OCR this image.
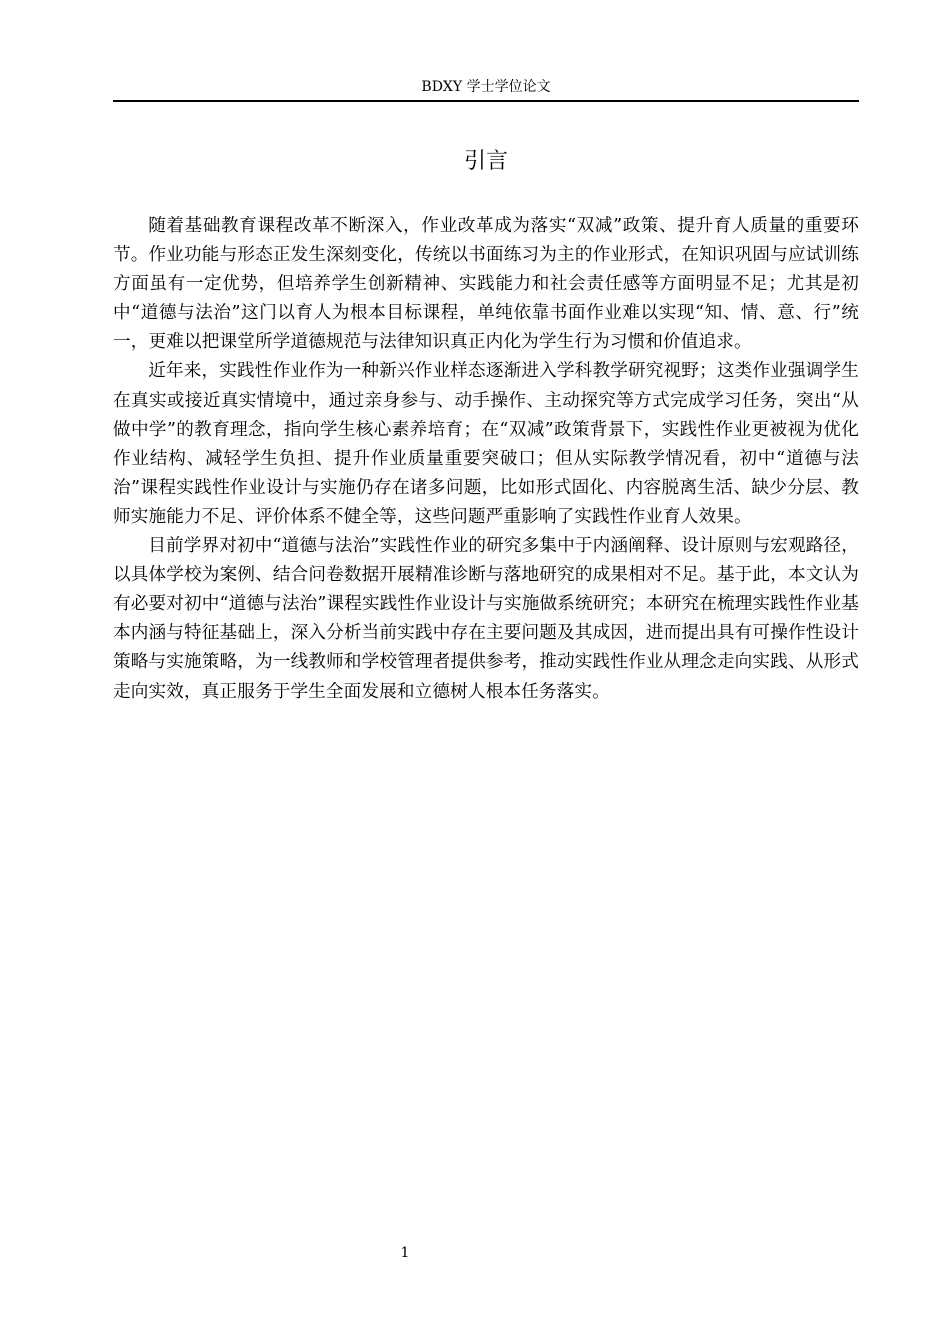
BDXY 学士学位论文
引言

随着基础教育课程改革不断深入，作业改革成为落实“双减”政策、提升育人质量的重要环节。作业功能与形态正发生深刻变化，传统以书面练习为主的作业形式，在知识巩固与应试训练方面虽有一定优势，但培养学生创新精神、实践能力和社会责任感等方面明显不足；尤其是初中“道德与法治”这门以育人为根本目标课程，单纯依靠书面作业难以实现“知、情、意、行”统一，更难以把课堂所学道德规范与法律知识真正内化为学生行为习惯和价值追求。

近年来，实践性作业作为一种新兴作业样态逐渐进入学科教学研究视野；这类作业强调学生在真实或接近真实情境中，通过亲身参与、动手操作、主动探究等方式完成学习任务，突出“从做中学”的教育理念，指向学生核心素养培育；在“双减”政策背景下，实践性作业更被视为优化作业结构、减轻学生负担、提升作业质量重要突破口；但从实际教学情况看，初中“道德与法治”课程实践性作业设计与实施仍存在诸多问题，比如形式固化、内容脱离生活、缺少分层、教师实施能力不足、评价体系不健全等，这些问题严重影响了实践性作业育人效果。

目前学界对初中“道德与法治”实践性作业的研究多集中于内涵阐释、设计原则与宏观路径，以具体学校为案例、结合问卷数据开展精准诊断与落地研究的成果相对不足。基于此，本文认为有必要对初中“道德与法治”课程实践性作业设计与实施做系统研究；本研究在梳理实践性作业基本内涵与特征基础上，深入分析当前实践中存在主要问题及其成因，进而提出具有可操作性设计策略与实施策略，为一线教师和学校管理者提供参考，推动实践性作业从理念走向实践、从形式走向实效，真正服务于学生全面发展和立德树人根本任务落实。

1
